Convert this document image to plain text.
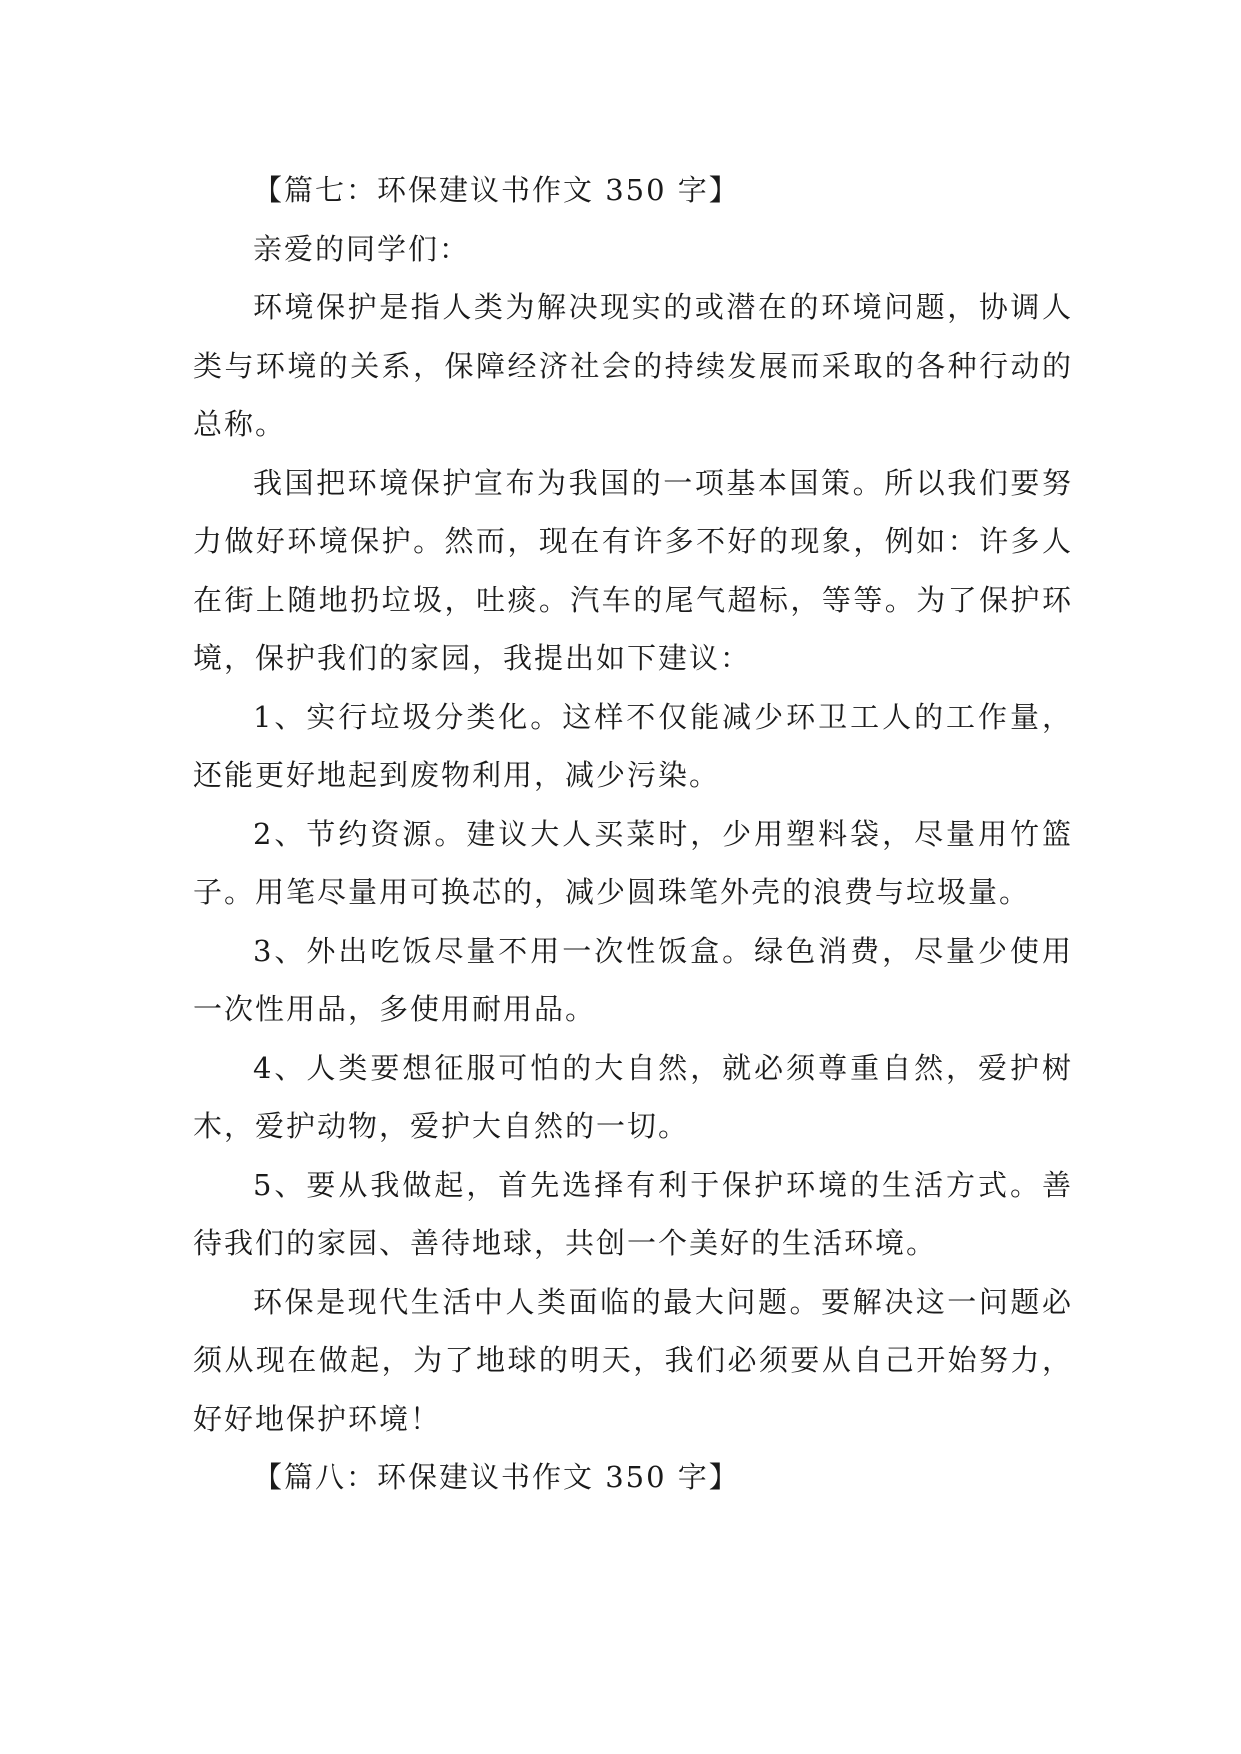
【篇七：环保建议书作文 350 字】

亲爱的同学们：

环境保护是指人类为解决现实的或潜在的环境问题，协调人类与环境的关系，保障经济社会的持续发展而采取的各种行动的总称。

我国把环境保护宣布为我国的一项基本国策。所以我们要努力做好环境保护。然而，现在有许多不好的现象，例如：许多人在街上随地扔垃圾，吐痰。汽车的尾气超标，等等。为了保护环境，保护我们的家园，我提出如下建议：

1、实行垃圾分类化。这样不仅能减少环卫工人的工作量，还能更好地起到废物利用，减少污染。

2、节约资源。建议大人买菜时，少用塑料袋，尽量用竹篮子。用笔尽量用可换芯的，减少圆珠笔外壳的浪费与垃圾量。

3、外出吃饭尽量不用一次性饭盒。绿色消费，尽量少使用一次性用品，多使用耐用品。

4、人类要想征服可怕的大自然，就必须尊重自然，爱护树木，爱护动物，爱护大自然的一切。

5、要从我做起，首先选择有利于保护环境的生活方式。善待我们的家园、善待地球，共创一个美好的生活环境。

环保是现代生活中人类面临的最大问题。要解决这一问题必须从现在做起，为了地球的明天，我们必须要从自己开始努力，好好地保护环境！

【篇八：环保建议书作文 350 字】
